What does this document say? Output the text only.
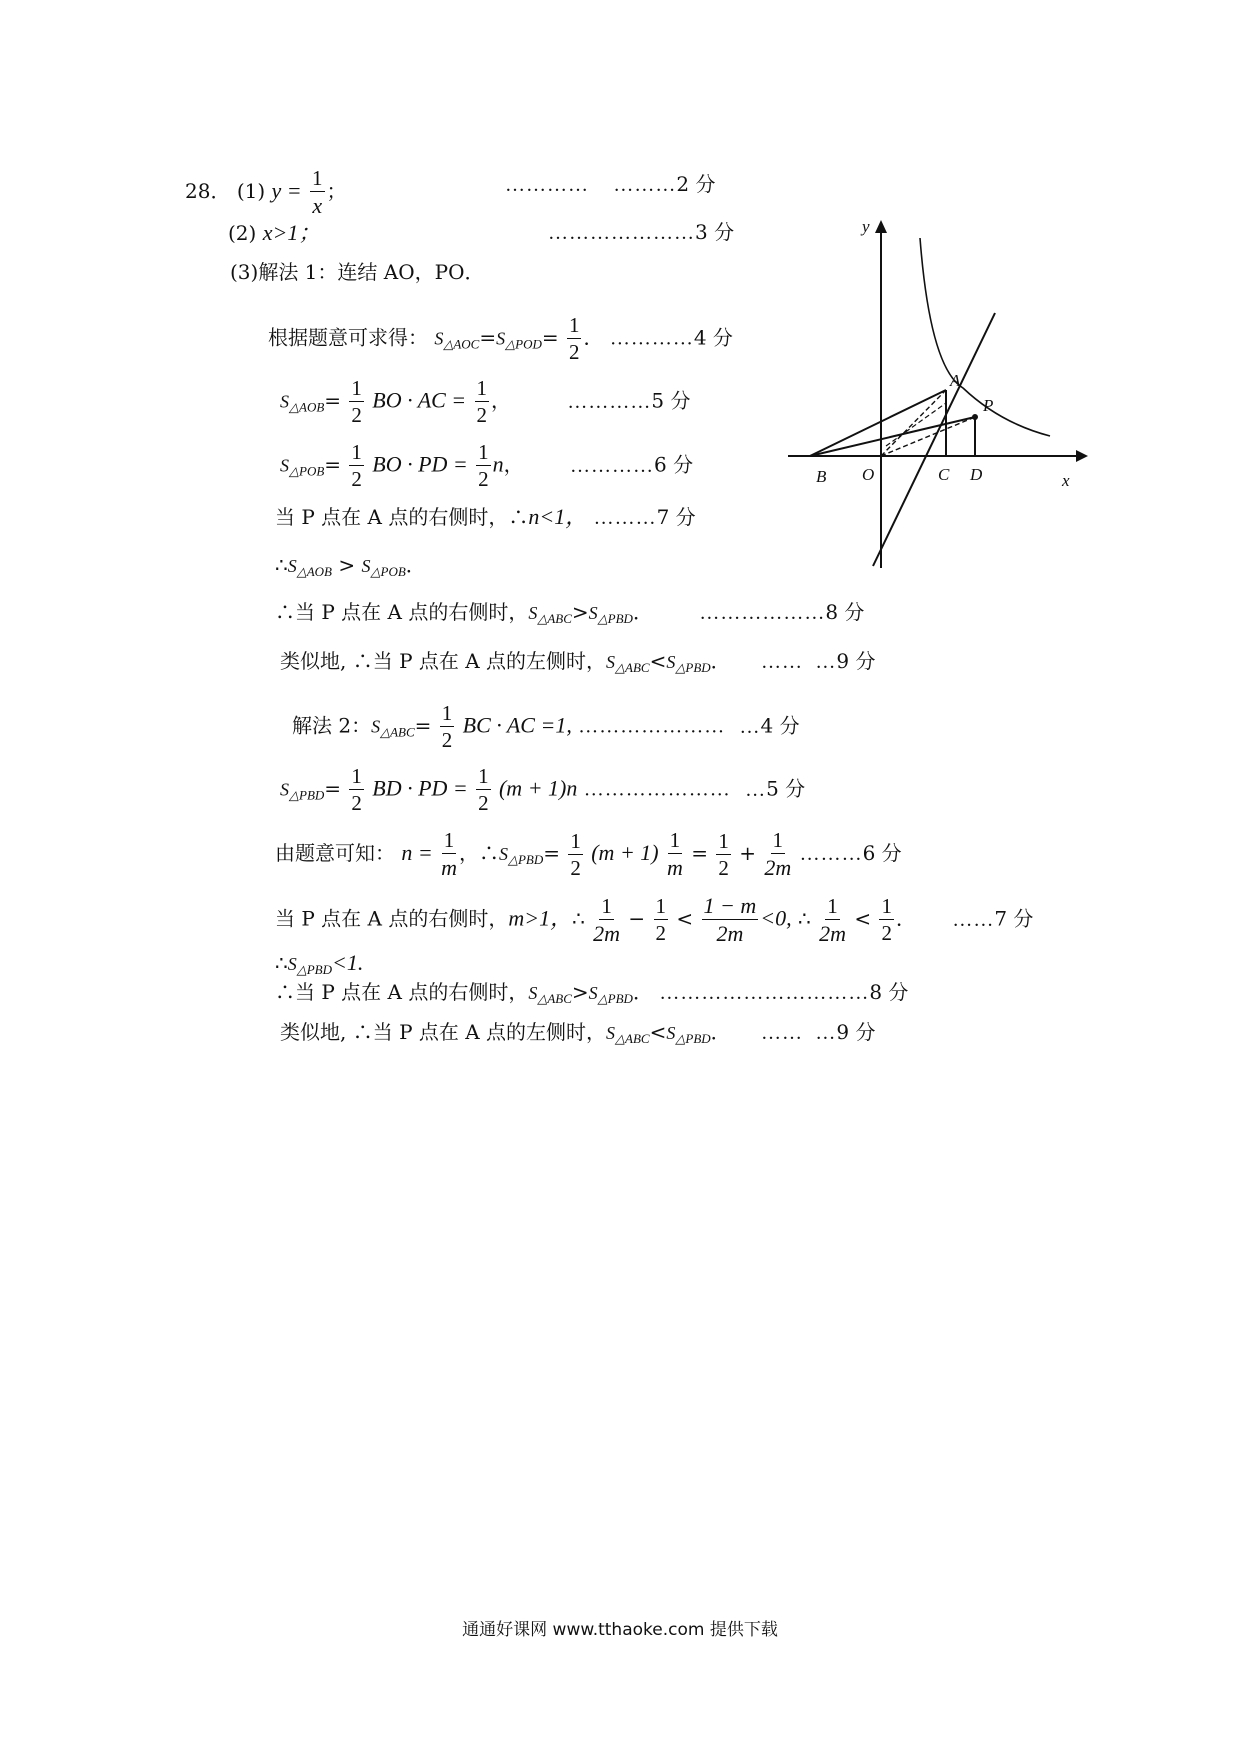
28． (1) $y = \frac{1}{x}$ ；	………… ………2 分
(2) x>1；	…………………3 分
(3)解法 1：连结 AO，PO．
根据题意可求得： $S_{\triangle AOC}=S_{\triangle POD}= \frac{1}{2}$ ． …………4 分
$S_{\triangle AOB}= \frac{1}{2}$ BO · AC = $\frac{1}{2}$ ，	…………5 分
$S_{\triangle POB}= \frac{1}{2}$ BO · PD = $\frac{1}{2}$ n， …………6 分
当 P 点在 A 点的右侧时，∴n<1， ………7 分
$\therefore S_{\triangle AOB} > S_{\triangle POB}$．
∴当 P 点在 A 点的右侧时，$S_{\triangle ABC}>S_{\triangle PBD}$． ………………8 分
类似地, ∴当 P 点在 A 点的左侧时，$S_{\triangle ABC}<S_{\triangle PBD}$． …… …9 分
解法 2：$S_{\triangle ABC}= \frac{1}{2}$ BC · AC =1, ………………… …4 分
$S_{\triangle PBD}= \frac{1}{2}$ BD · PD = $\frac{1}{2} (m + 1)n$ ………………… …5 分
由题意可知： $n = \frac{1}{m}$ ，$\therefore S_{\triangle PBD}= \frac{1}{2} (m + 1) \frac{1}{m} = \frac{1}{2} + \frac{1}{2m}$ ………6 分
当 P 点在 A 点的右侧时，m>1，∴ $\frac{1}{2m} - \frac{1}{2} < \frac{1 - m}{2m} <0$, ∴ $\frac{1}{2m} < \frac{1}{2}$ ． ……7 分
$\therefore S_{\triangle PBD}<1$.
∴当 P 点在 A 点的右侧时，$S_{\triangle ABC}>S_{\triangle PBD}$． …………………………8 分
类似地, ∴当 P 点在 A 点的左侧时，$S_{\triangle ABC}<S_{\triangle PBD}$． …… …9 分
y
x
A
P
B O	C D
通通好课网 www.tthaoke.com 提供下载
